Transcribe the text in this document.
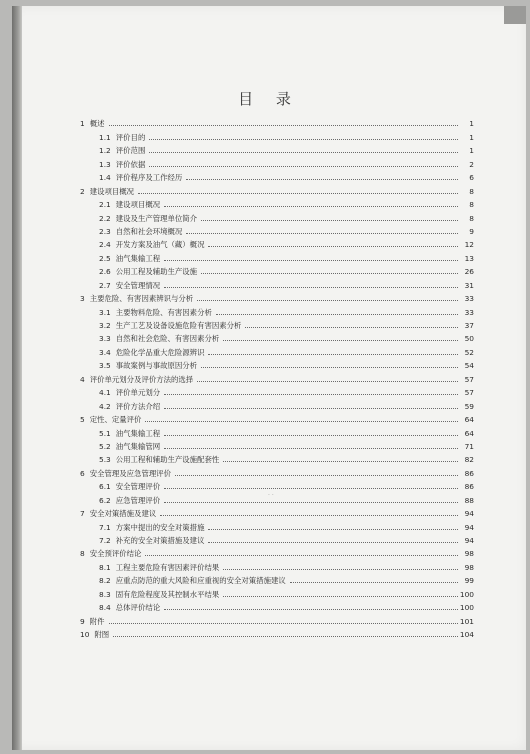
目 录
1 概述	1
1.1 评价目的	1
1.2 评价范围	1
1.3 评价依据	2
1.4 评价程序及工作经历	6
2 建设项目概况	8
2.1 建设项目概况	8
2.2 建设及生产管理单位简介	8
2.3 自然和社会环境概况	9
2.4 开发方案及油气（藏）概况	12
2.5 油气集输工程	13
2.6 公用工程及辅助生产设施	26
2.7 安全管理情况	31
3 主要危险、有害因素辨识与分析	33
3.1 主要物料危险、有害因素分析	33
3.2 生产工艺及设备设施危险有害因素分析	37
3.3 自然和社会危险、有害因素分析	50
3.4 危险化学品重大危险源辨识	52
3.5 事故案例与事故原因分析	54
4 评价单元划分及评价方法的选择	57
4.1 评价单元划分	57
4.2 评价方法介绍	59
5 定性、定量评价	64
5.1 油气集输工程	64
5.2 油气集输管网	71
5.3 公用工程和辅助生产设施配套性	82
6 安全管理及应急管理评价	86
6.1 安全管理评价	86
6.2 应急管理评价	88
7 安全对策措施及建议	94
7.1 方案中提出的安全对策措施	94
7.2 补充的安全对策措施及建议	94
8 安全预评价结论	98
8.1 工程主要危险有害因素评价结果	98
8.2 应重点防范的重大风险和应重视的安全对策措施建议	99
8.3 固有危险程度及其控制水平结果	100
8.4 总体评价结论	100
9 附件	101
10 附图	104
· ·
